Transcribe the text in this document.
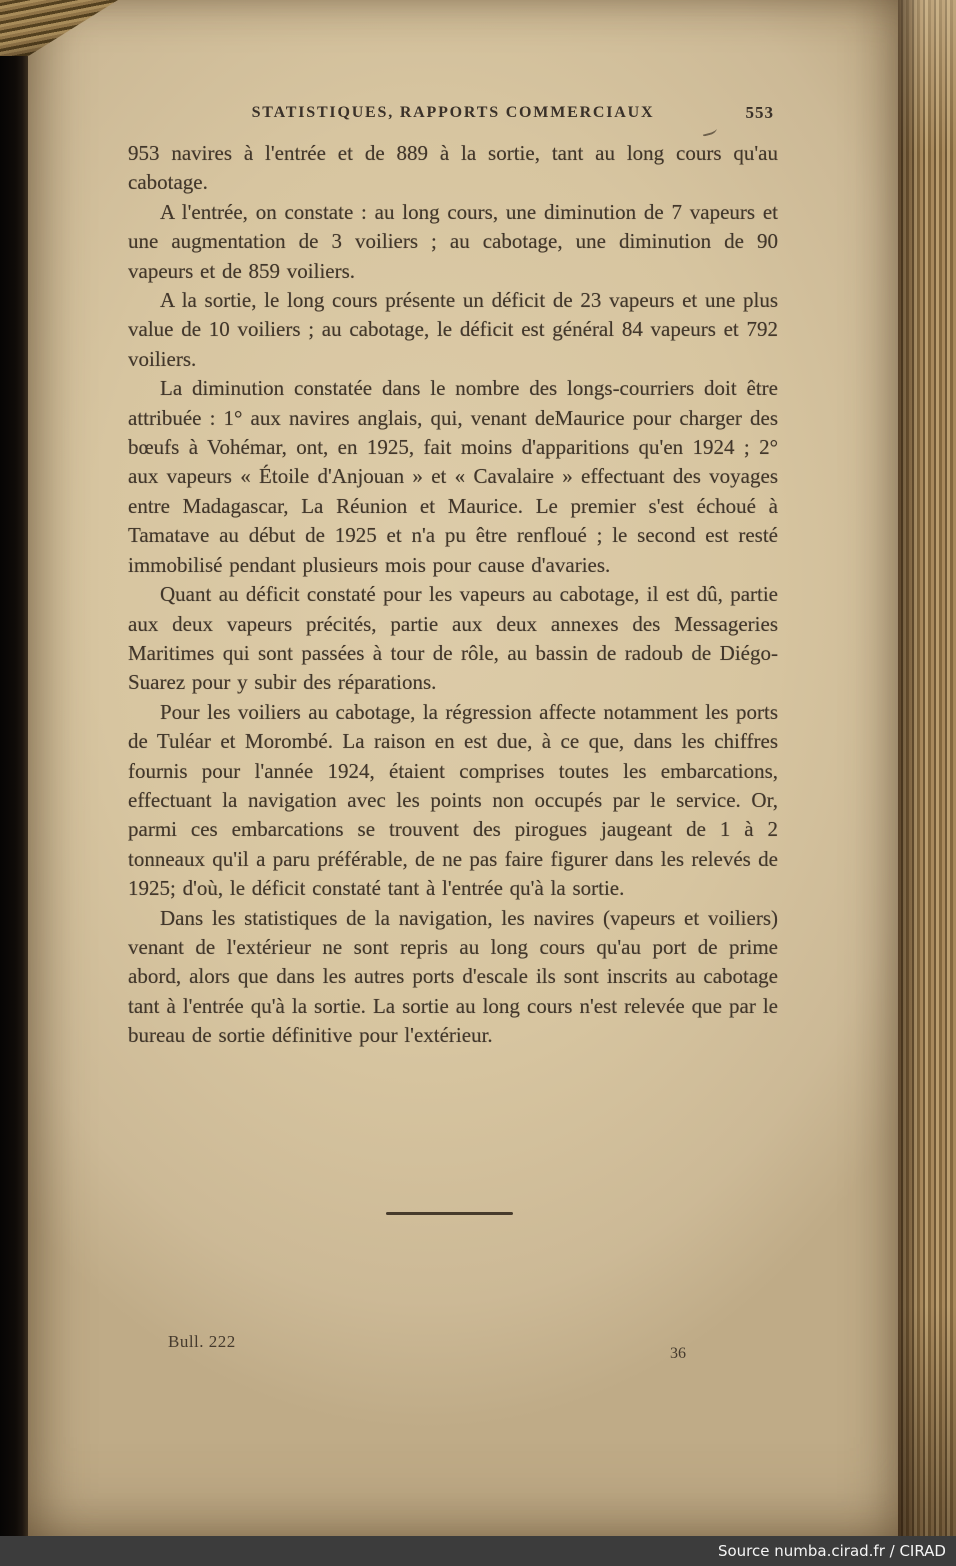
STATISTIQUES, RAPPORTS COMMERCIAUX	553

953 navires à l'entrée et de 889 à la sortie, tant au long cours qu'au cabotage.

A l'entrée, on constate : au long cours, une diminution de 7 vapeurs et une augmentation de 3 voiliers ; au cabotage, une diminution de 90 vapeurs et de 859 voiliers.

A la sortie, le long cours présente un déficit de 23 vapeurs et une plus value de 10 voiliers ; au cabotage, le déficit est général 84 vapeurs et 792 voiliers.

La diminution constatée dans le nombre des longs-courriers doit être attribuée : 1° aux navires anglais, qui, venant deMaurice pour charger des bœufs à Vohémar, ont, en 1925, fait moins d'apparitions qu'en 1924 ; 2° aux vapeurs « Étoile d'Anjouan » et « Cavalaire » effectuant des voyages entre Madagascar, La Réunion et Maurice. Le premier s'est échoué à Tamatave au début de 1925 et n'a pu être renfloué ; le second est resté immobilisé pendant plusieurs mois pour cause d'avaries.

Quant au déficit constaté pour les vapeurs au cabotage, il est dû, partie aux deux vapeurs précités, partie aux deux annexes des Messageries Maritimes qui sont passées à tour de rôle, au bassin de radoub de Diégo-Suarez pour y subir des réparations.

Pour les voiliers au cabotage, la régression affecte notamment les ports de Tuléar et Morombé. La raison en est due, à ce que, dans les chiffres fournis pour l'année 1924, étaient comprises toutes les embarcations, effectuant la navigation avec les points non occupés par le service. Or, parmi ces embarcations se trouvent des pirogues jaugeant de 1 à 2 tonneaux qu'il a paru préférable, de ne pas faire figurer dans les relevés de 1925; d'où, le déficit constaté tant à l'entrée qu'à la sortie.

Dans les statistiques de la navigation, les navires (vapeurs et voiliers) venant de l'extérieur ne sont repris au long cours qu'au port de prime abord, alors que dans les autres ports d'escale ils sont inscrits au cabotage tant à l'entrée qu'à la sortie. La sortie au long cours n'est relevée que par le bureau de sortie définitive pour l'extérieur.

Bull. 222
36
Source numba.cirad.fr / CIRAD
